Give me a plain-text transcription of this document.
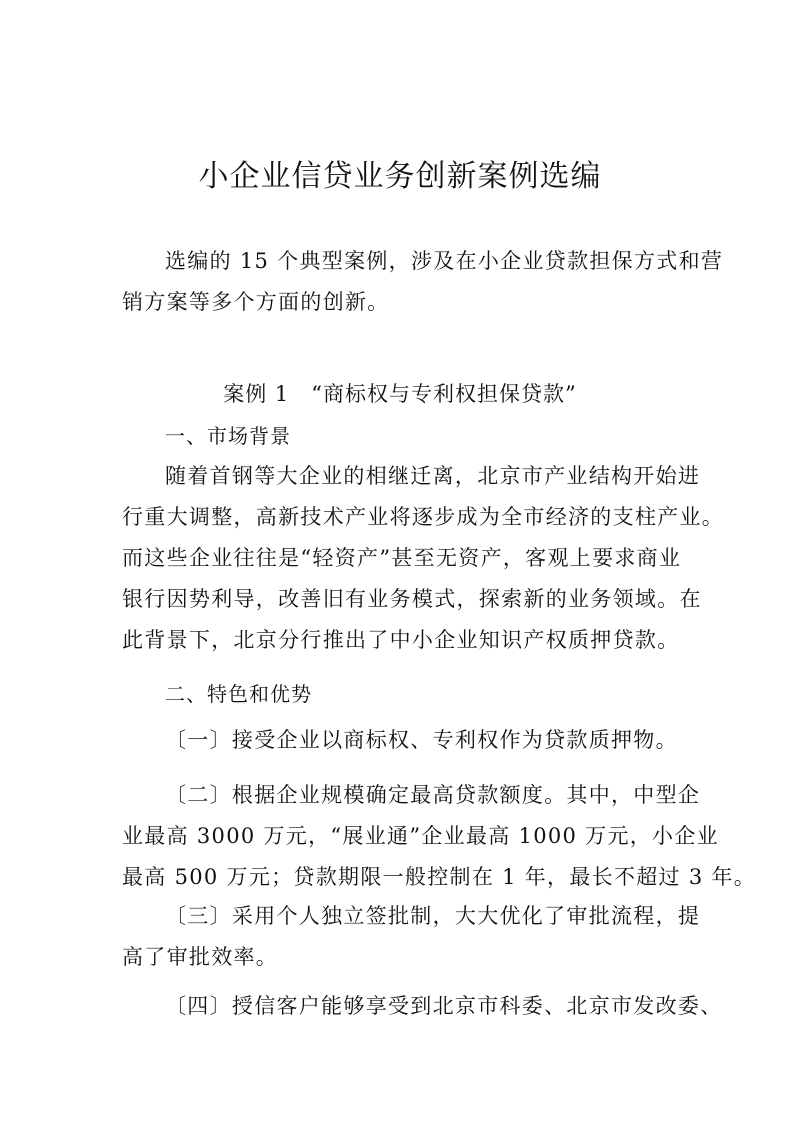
小企业信贷业务创新案例选编
选编的 15 个典型案例，涉及在小企业贷款担保方式和营
销方案等多个方面的创新。
案例 1　“商标权与专利权担保贷款”
一、市场背景
随着首钢等大企业的相继迁离，北京市产业结构开始进
行重大调整，高新技术产业将逐步成为全市经济的支柱产业。
而这些企业往往是“轻资产”甚至无资产，客观上要求商业
银行因势利导，改善旧有业务模式，探索新的业务领域。在
此背景下，北京分行推出了中小企业知识产权质押贷款。
二、特色和优势
〔一〕接受企业以商标权、专利权作为贷款质押物。
〔二〕根据企业规模确定最高贷款额度。其中，中型企
业最高 3000 万元，“展业通”企业最高 1000 万元，小企业
最高 500 万元；贷款期限一般控制在 1 年，最长不超过 3 年。
〔三〕采用个人独立签批制，大大优化了审批流程，提
高了审批效率。
〔四〕授信客户能够享受到北京市科委、北京市发改委、
